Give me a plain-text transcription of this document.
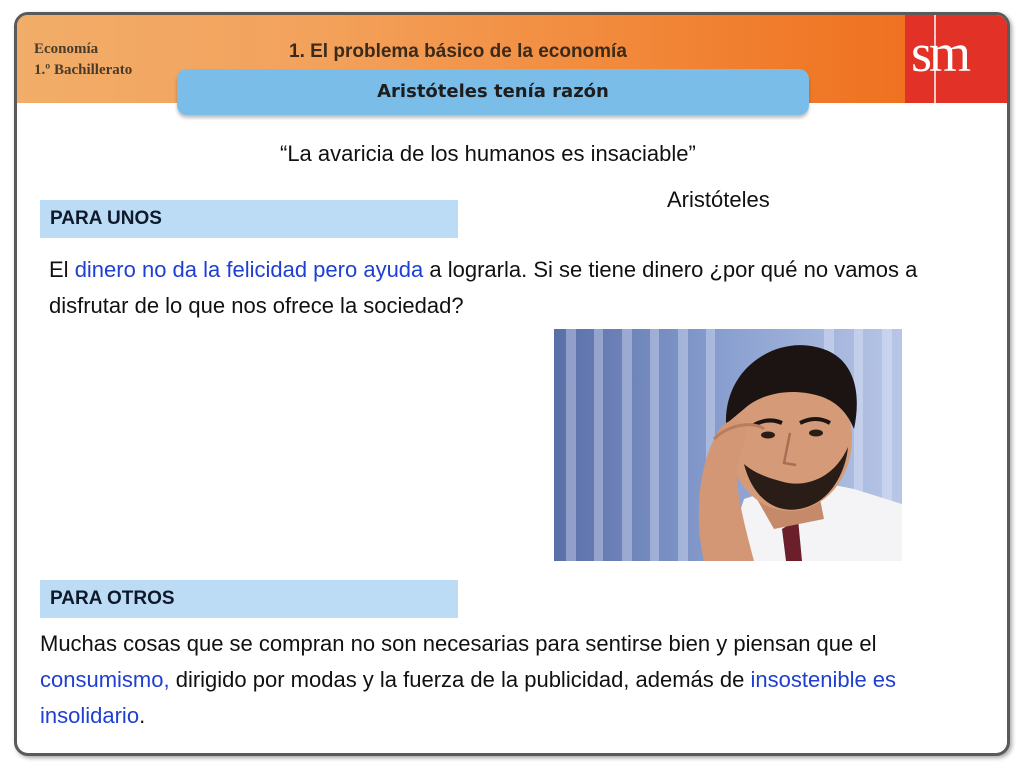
Economía
1.º Bachillerato
1. El problema básico de la economía	sm
Aristóteles tenía razón
“La avaricia de los humanos es insaciable”
Aristóteles
PARA UNOS
El dinero no da la felicidad pero ayuda a lograrla. Si se tiene dinero ¿por qué no vamos a disfrutar de lo que nos ofrece la sociedad?
PARA OTROS
Muchas cosas que se compran no son necesarias para sentirse bien y piensan que el consumismo, dirigido por modas y la fuerza de la publicidad, además de insostenible es insolidario.
